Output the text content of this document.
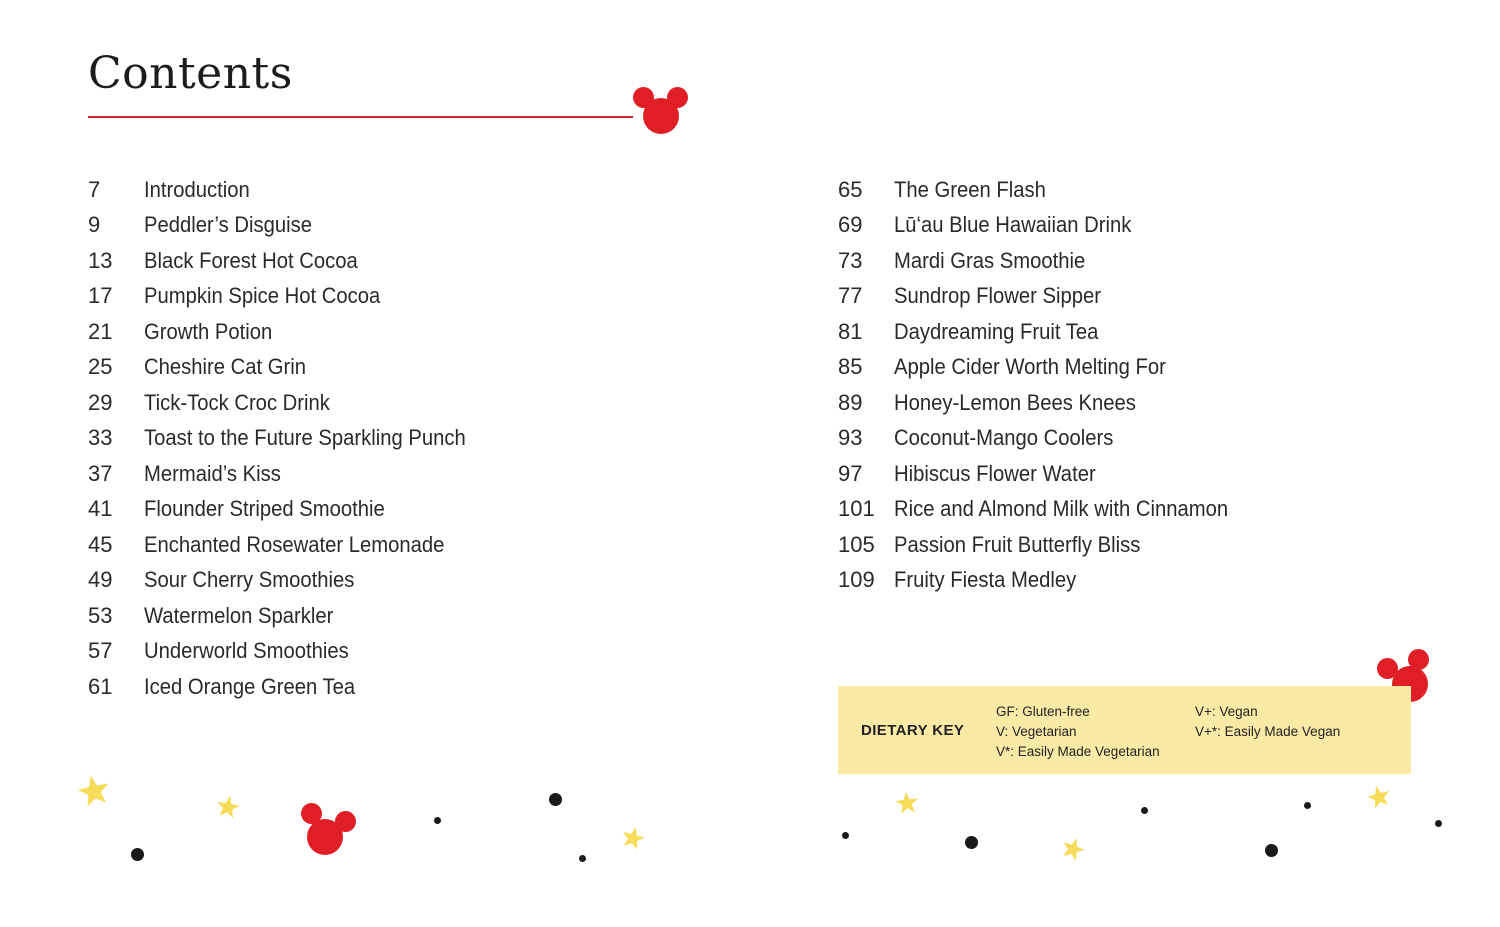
Contents
7	Introduction
9	Peddler’s Disguise
13	Black Forest Hot Cocoa
17	Pumpkin Spice Hot Cocoa
21	Growth Potion
25	Cheshire Cat Grin
29	Tick-Tock Croc Drink
33	Toast to the Future Sparkling Punch
37	Mermaid’s Kiss
41	Flounder Striped Smoothie
45	Enchanted Rosewater Lemonade
49	Sour Cherry Smoothies
53	Watermelon Sparkler
57	Underworld Smoothies
61	Iced Orange Green Tea
65	The Green Flash
69	Lū‘au Blue Hawaiian Drink
73	Mardi Gras Smoothie
77	Sundrop Flower Sipper
81	Daydreaming Fruit Tea
85	Apple Cider Worth Melting For
89	Honey-Lemon Bees Knees
93	Coconut-Mango Coolers
97	Hibiscus Flower Water
101 Rice and Almond Milk with Cinnamon
105 Passion Fruit Butterfly Bliss
109 Fruity Fiesta Medley
DIETARY KEY
GF: Gluten-free
V: Vegetarian
V*: Easily Made Vegetarian
V+: Vegan
V+*: Easily Made Vegan
